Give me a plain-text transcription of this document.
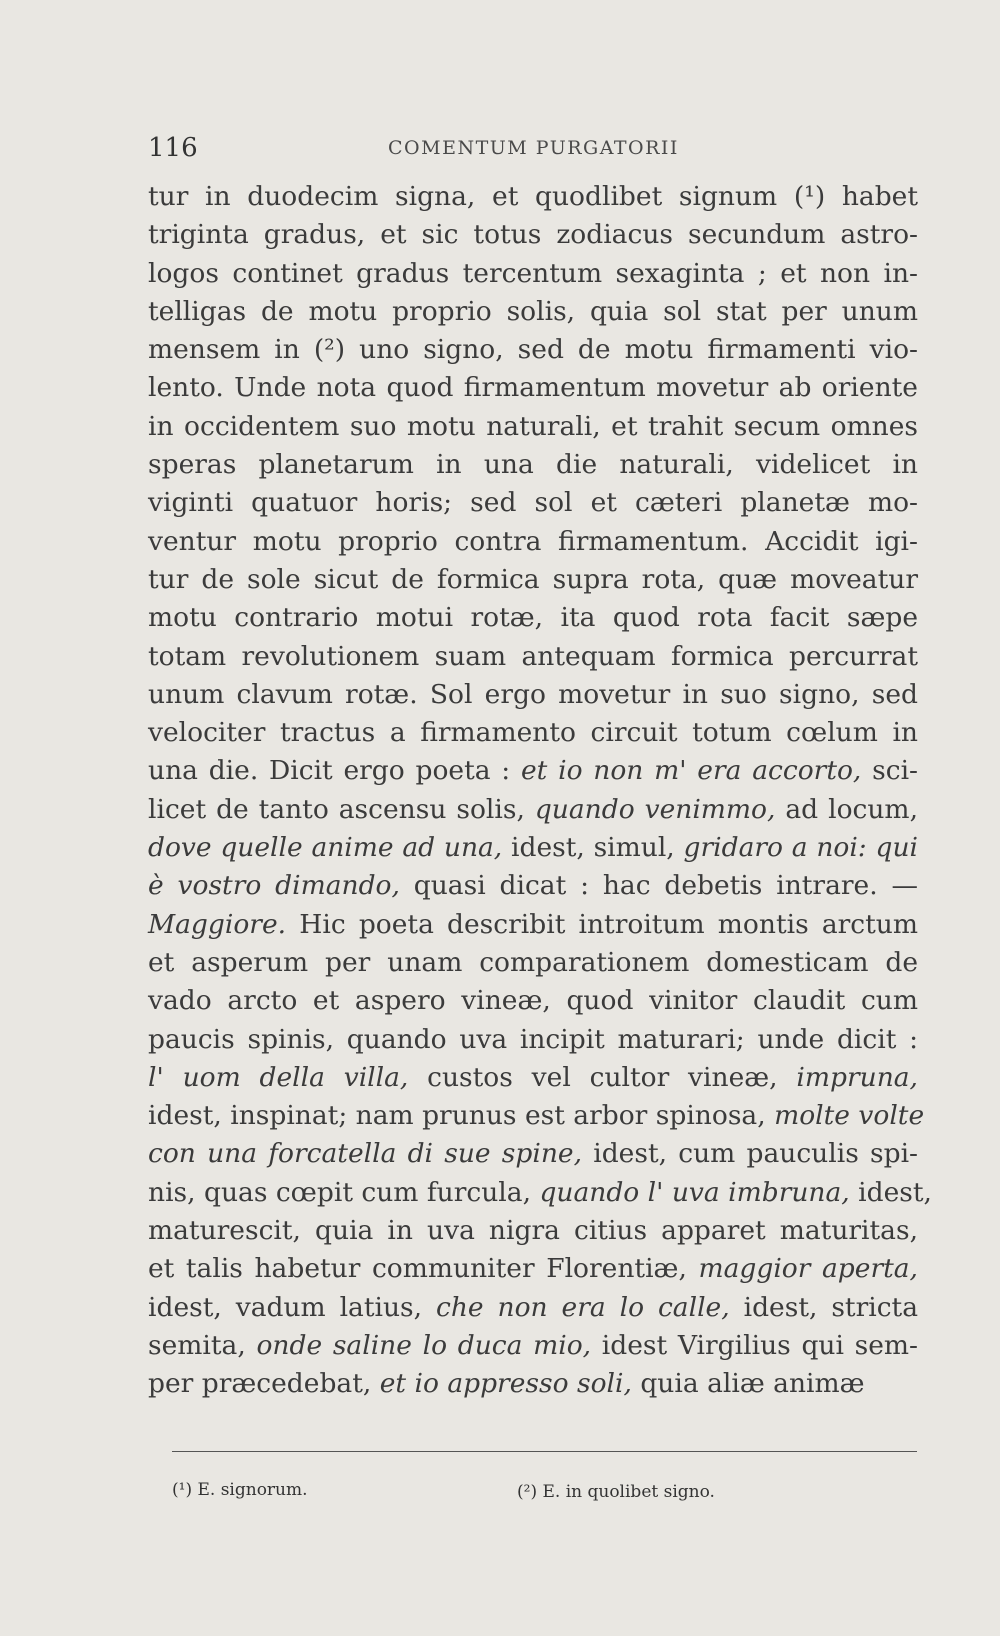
116	COMENTUM PURGATORII
tur in duodecim signa, et quodlibet signum (¹) habet
triginta gradus, et sic totus zodiacus secundum astro-
logos continet gradus tercentum sexaginta ; et non in-
telligas de motu proprio solis, quia sol stat per unum
mensem in (²) uno signo, sed de motu firmamenti vio-
lento. Unde nota quod firmamentum movetur ab oriente
in occidentem suo motu naturali, et trahit secum omnes
speras planetarum in una die naturali, videlicet in
viginti quatuor horis; sed sol et cæteri planetæ mo-
ventur motu proprio contra firmamentum. Accidit igi-
tur de sole sicut de formica supra rota, quæ moveatur
motu contrario motui rotæ, ita quod rota facit sæpe
totam revolutionem suam antequam formica percurrat
unum clavum rotæ. Sol ergo movetur in suo signo, sed
velociter tractus a firmamento circuit totum cœlum in
una die. Dicit ergo poeta : et io non m' era accorto, sci-
licet de tanto ascensu solis, quando venimmo, ad locum,
dove quelle anime ad una, idest, simul, gridaro a noi: qui
è vostro dimando, quasi dicat : hac debetis intrare. —
Maggiore. Hic poeta describit introitum montis arctum
et asperum per unam comparationem domesticam de
vado arcto et aspero vineæ, quod vinitor claudit cum
paucis spinis, quando uva incipit maturari; unde dicit :
l' uom della villa, custos vel cultor vineæ, impruna,
idest, inspinat; nam prunus est arbor spinosa, molte volte
con una forcatella di sue spine, idest, cum pauculis spi-
nis, quas cœpit cum furcula, quando l' uva imbruna, idest,
maturescit, quia in uva nigra citius apparet maturitas,
et talis habetur communiter Florentiæ, maggior aperta,
idest, vadum latius, che non era lo calle, idest, stricta
semita, onde saline lo duca mio, idest Virgilius qui sem-
per præcedebat, et io appresso soli, quia aliæ animæ
(¹) E. signorum.	(²) E. in quolibet signo.
